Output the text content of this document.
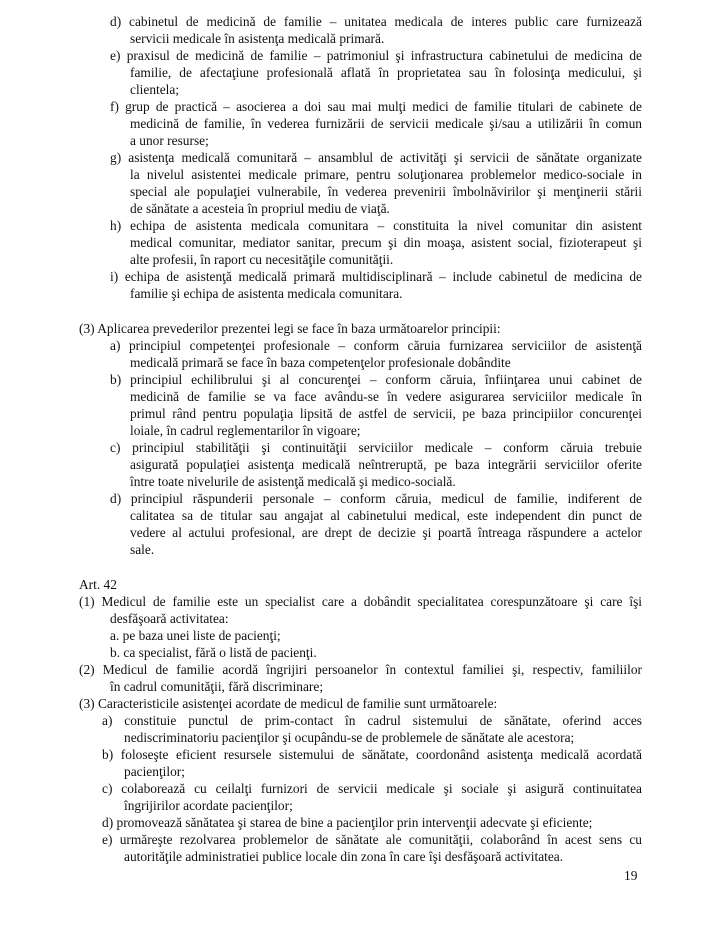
d) cabinetul de medicină de familie – unitatea medicala de interes public care furnizează
servicii medicale în asistenţa medicală primară.
e) praxisul de medicină de familie – patrimoniul şi infrastructura cabinetului de medicina de
familie, de afectaţiune profesională aflată în proprietatea sau în folosinţa medicului, şi
clientela;
f) grup de practică – asocierea a doi sau mai mulţi medici de familie titulari de cabinete de
medicină de familie, în vederea furnizării de servicii medicale şi/sau a utilizării în comun
a unor resurse;
g) asistenţa medicală comunitară – ansamblul de activităţi şi servicii de sănătate organizate
la nivelul asistentei medicale primare, pentru soluţionarea problemelor medico-sociale in
special ale populaţiei vulnerabile, în vederea prevenirii îmbolnăvirilor şi menţinerii stării
de sănătate a acesteia în propriul mediu de viaţă.
h) echipa de asistenta medicala comunitara – constituita la nivel comunitar din asistent
medical comunitar, mediator sanitar, precum şi din moaşa, asistent social, fizioterapeut şi
alte profesii, în raport cu necesităţile comunităţii.
i) echipa de asistenţă medicală primară multidisciplinară – include cabinetul de medicina de
familie şi echipa de asistenta medicala comunitara.
(3) Aplicarea prevederilor prezentei legi se face în baza următoarelor principii:
a) principiul competenţei profesionale – conform căruia furnizarea serviciilor de asistenţă
medicală primară se face în baza competenţelor profesionale dobândite
b) principiul echilibrului şi al concurenţei – conform căruia, înfiinţarea unui cabinet de
medicină de familie se va face avându-se în vedere asigurarea serviciilor medicale în
primul rând pentru populaţia lipsită de astfel de servicii, pe baza principiilor concurenţei
loiale, în cadrul reglementarilor în vigoare;
c) principiul stabilităţii şi continuităţii serviciilor medicale – conform căruia trebuie
asigurată populaţiei asistenţa medicală neîntreruptă, pe baza integrării serviciilor oferite
între toate nivelurile de asistenţă medicală şi medico-socială.
d) principiul răspunderii personale – conform căruia, medicul de familie, indiferent de
calitatea sa de titular sau angajat al cabinetului medical, este independent din punct de
vedere al actului profesional, are drept de decizie şi poartă întreaga răspundere a actelor
sale.
Art. 42
(1) Medicul de familie este un specialist care a dobândit specialitatea corespunzătoare şi care îşi
desfăşoară activitatea:
a. pe baza unei liste de pacienţi;
b. ca specialist, fără o listă de pacienţi.
(2) Medicul de familie acordă îngrijiri persoanelor în contextul familiei şi, respectiv, familiilor
în cadrul comunităţii, fără discriminare;
(3) Caracteristicile asistenţei acordate de medicul de familie sunt următoarele:
a) constituie punctul de prim-contact în cadrul sistemului de sănătate, oferind acces
nediscriminatoriu pacienţilor şi ocupându-se de problemele de sănătate ale acestora;
b) foloseşte eficient resursele sistemului de sănătate, coordonând asistenţa medicală acordată
pacienţilor;
c) colaborează cu ceilalţi furnizori de servicii medicale şi sociale şi asigură continuitatea
îngrijirilor acordate pacienţilor;
d) promovează sănătatea şi starea de bine a pacienţilor prin intervenţii adecvate şi eficiente;
e) urmăreşte rezolvarea problemelor de sănătate ale comunităţii, colaborând în acest sens cu
autorităţile administratiei publice locale din zona în care îşi desfăşoară activitatea.
19
